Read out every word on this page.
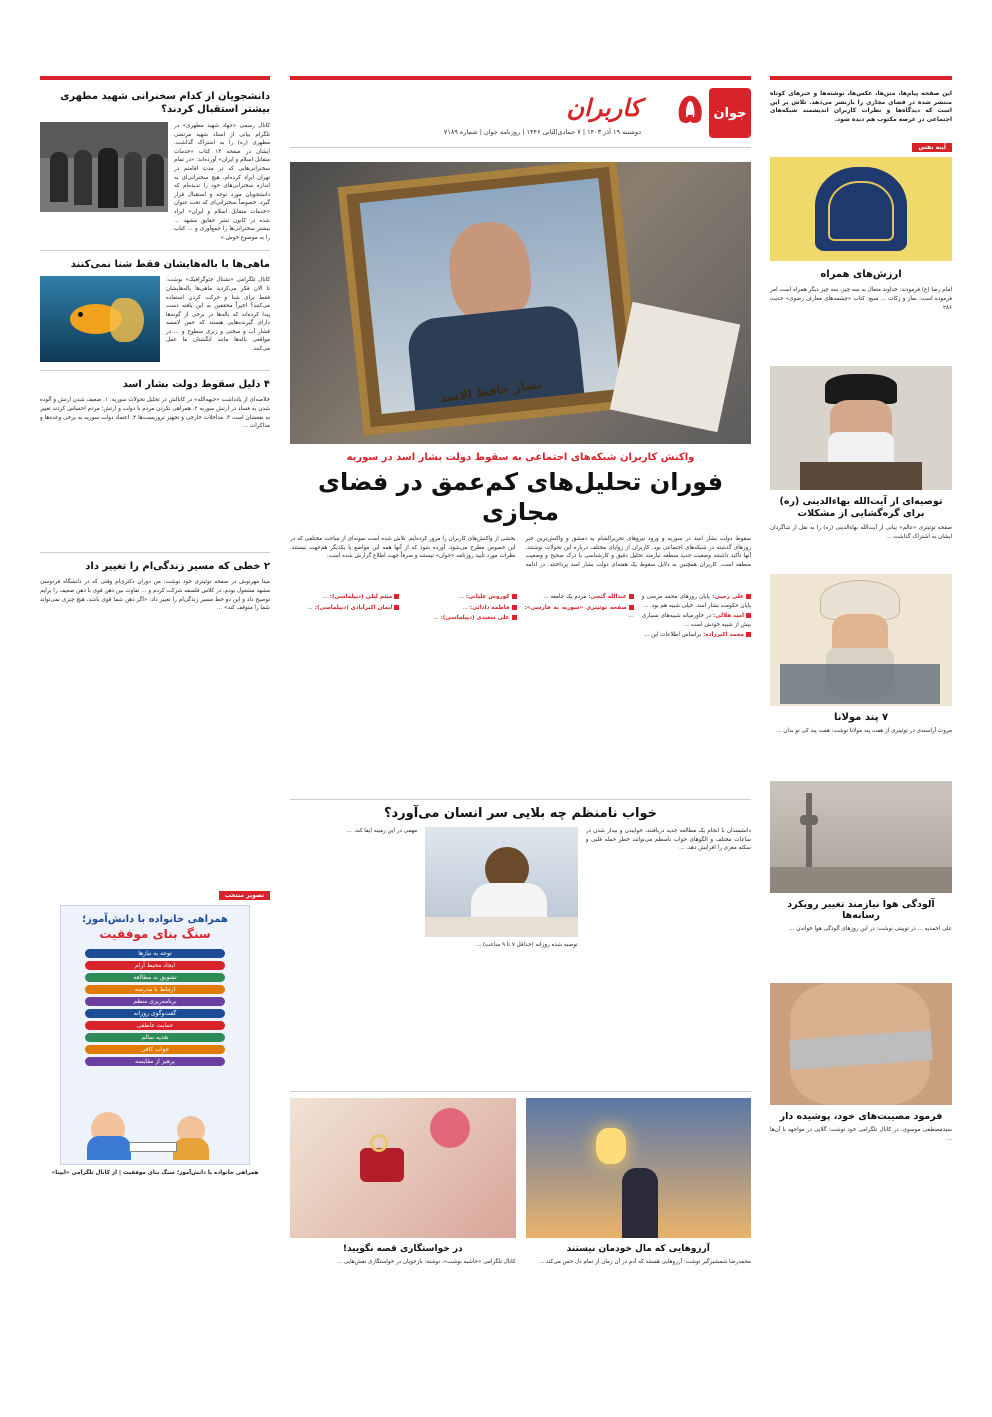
دانشجویان از کدام سخنرانی شهید مطهری بیشتر استقبال کردند؟
کانال رسمی «جهاد شهید مطهری» در تلگرام بیانی از استاد شهید مرتضی مطهری (ره) را به اشتراک گذاشت. ایشان در صفحه ۱۴ کتاب «خدمات متقابل اسلام و ایران» آورده‌اند: «در تمام سخنرانی‌هایی که در مدت اقامتم در تهران ایراد کرده‌ام، هیچ سخنرانی‌ای به اندازه سخنرانی‌های خود را ندیده‌ام که دانشجویان مورد توجه و استقبال قرار گیرد. خصوصاً سخنرانی‌ای که تحت عنوان «خدمات متقابل اسلام و ایران» ایراد شده در کانون نشر حقایق مشهد ... بیشتر سخنرانی‌ها را جمع‌آوری و ... کتاب را به موضوع خوش.»
ماهی‌ها با باله‌هایشان فقط شنا نمی‌کنند
کانال تلگرامی «نشنال جئوگرافیک» نوشت: تا الان فکر می‌کردید ماهی‌ها باله‌هایشان فقط برای شنا و حرکت کردن استفاده می‌کنند؟ اخیراً محققین به این یافته دست پیدا کرده‌اند که باله‌ها در برخی از گونه‌ها دارای گیرنده‌هایی هستند که حس لامسه فشار آب و سختی و زبری سطوح و ... در مواقعی باله‌ها مانند انگشتان ما عمل می‌کنند.
۴ دلیل سقوط دولت بشار اسد
خلاصه‌ای از یادداشت «جبهه‌الله» در کانالش در تحلیل تحولات سوریه: ۱. ضعیف شدن ارتش و آلوده شدن به فساد در ارتش سوریه ۲. همراهی نکردن مردم با دولت و ارتش؛ مردم احساس کردند تغییر به نفعشان است ۳. مداخلات خارجی و تجهیز تروریست‌ها ۴. اعتماد دولت سوریه به برخی وعده‌ها و مذاکرات ...
۲ خطی که مسیر زندگی‌ام را تغییر داد
مینا مهرنوش در صفحه توئیتری خود نوشت: من دوران دکتری‌ام وقتی که در دانشگاه فردوسی مشهد مشغول بودم، در کلاس فلسفه شرکت کردم و ... تفاوت بین ذهن قوی با ذهن ضعیف را برایم توضیح داد و این دو خط مسیر زندگی‌ام را تغییر داد: «اگر ذهن شما قوی باشد، هیچ چیزی نمی‌تواند شما را متوقف کند» ...
تصویر منتخب
همراهی خانواده با دانش‌آموز؛
سنگ بنای موفقیت
توجه به نیازها
ایجاد محیط آرام
تشویق به مطالعه
ارتباط با مدرسه
برنامه‌ریزی منظم
گفت‌وگوی روزانه
حمایت عاطفی
تغذیه سالم
خواب کافی
پرهیز از مقایسه
همراهی خانواده با دانش‌آموز؛ سنگ بنای موفقیت | از کانال تلگرامی «ایپنا»
جوان
۵
کاربران
دوشنبه ۱۹ آذر ۱۴۰۳ | ۷ جمادی‌الثانی ۱۴۴۶ | روزنامه جوان | شماره ۷۱۸۹
بشار حافظ الاسد
واکنش کاربران شبکه‌های اجتماعی به سقوط دولت بشار اسد در سوریه
فوران تحلیل‌های کم‌عمق در فضای مجازی
سقوط دولت بشار اسد در سوریه و ورود نیروهای تحریرالشام به دمشق و واکنش‌ترین خبر روزهای گذشته در شبکه‌های اجتماعی بود. کاربران از زوایای مختلف درباره این تحولات نوشتند. آنها تأکید داشتند وضعیت جدید منطقه نیازمند تحلیل دقیق و کارشناسی با درک صحیح و وضعیت منطقه است. کاربران همچنین به دلایل سقوط یک هفته‌ای دولت بشار اسد پرداختند. در ادامه بخشی از واکنش‌های کاربران را مرور کرده‌ایم. تلاش شده است نمونه‌ای از مباحث مختلفی که در این خصوص مطرح می‌شود، آورده شود که از آنها همه این مواضع یا یکدیگر هم‌جهت نیستند. نظرات مورد تأیید روزنامه «جوان» نیستند و صرفاً جهت اطلاع گزارش شده است.

علی رجبی: پایان روزهای محمد مرسی و پایان حکومت بشار اسد، خیلی شبیه هم بود. ...

امید هلالی: در خاورمیانه شبیه‌های بسیاری بیش از شبیه خودش است ...

محمد اکبرزاده: براساس اطلاعات این ...

عبدالله گنجی: مردم یک جامعه ...

صفحه توئیتری «سوریه به فارسی»: ...

کوروش علیانی: ...

فاطمه دادائی: ...

علی سعیدی (دیپلماسی): ...

میثم لیلی (دیپلماسی): ...

ایمان اکبرآبادی (دیپلماسی): ...

خواب نامنظم چه بلایی سر انسان می‌آورد؟
دانشمندان با انجام یک مطالعه جدید دریافتند، خوابیدن و بیدار شدن در ساعات مختلف و الگوهای خواب نامنظم می‌توانند خطر حمله قلبی و سکته مغزی را افزایش دهد. ...
توصیه شده روزانه (حداقل ۷ تا ۹ ساعت) ...
مهمی در این زمینه ایفا کند. ...
آرزوهایی که مال خودمان نیستند
محمدرضا شمشیرگیر نوشت: آرزوهایی هستند که آدم در آن زمان از تمام دل حس می‌کند ...
در خواستگاری قصه نگویید!
کانال تلگرامی «حاشیه نوشت»، نوشته: بازجویان در خواستگاری نقش‌هایی ...
این صفحه پیام‌ها، متن‌ها، عکس‌ها، نوشته‌ها و خبرهای کوتاه منتشر شده در فضای مجازی را بازنشر می‌دهد. تلاش بر این است که دیدگاه‌ها و نظرات کاربران اندیشمند شبکه‌های اجتماعی در عرصه مکتوب هم دیده شود.
آینه نفس
ارزش‌های همراه
امام رضا (ع) فرمودند: خداوند متعال به سه چیز، سه چیز دیگر همراه است امر فرموده است: نماز و زکات ... منبع: کتاب «چشمه‌های معارف رضوی» حدیث ۲۸۶
توصیه‌ای از آیت‌الله بهاءالدینی (ره) برای گره‌گشایی از مشکلات
صفحه توئیتری «عالم» بیانی از آیت‌الله بهاءالدینی (ره) را به نقل از شاگردان ایشان به اشتراک گذاشت ...
۷ پند مولانا
مروت آراسته‌ی در توئیتری از هفت پند مولانا نوشت: هفت پند کی تو بدان ...
آلودگی هوا نیازمند تغییر رویکرد رسانه‌ها
علی احمدیه ... در توییتی نوشت: در این روزهای آلودگی هوا خواندن ...
فرمود مصیبت‌های خود، پوشیده دار
سیدمصطفی موسوی، در کانال تلگرامی خود نوشت: گلایی در مواجهه با آن‌ها ...
